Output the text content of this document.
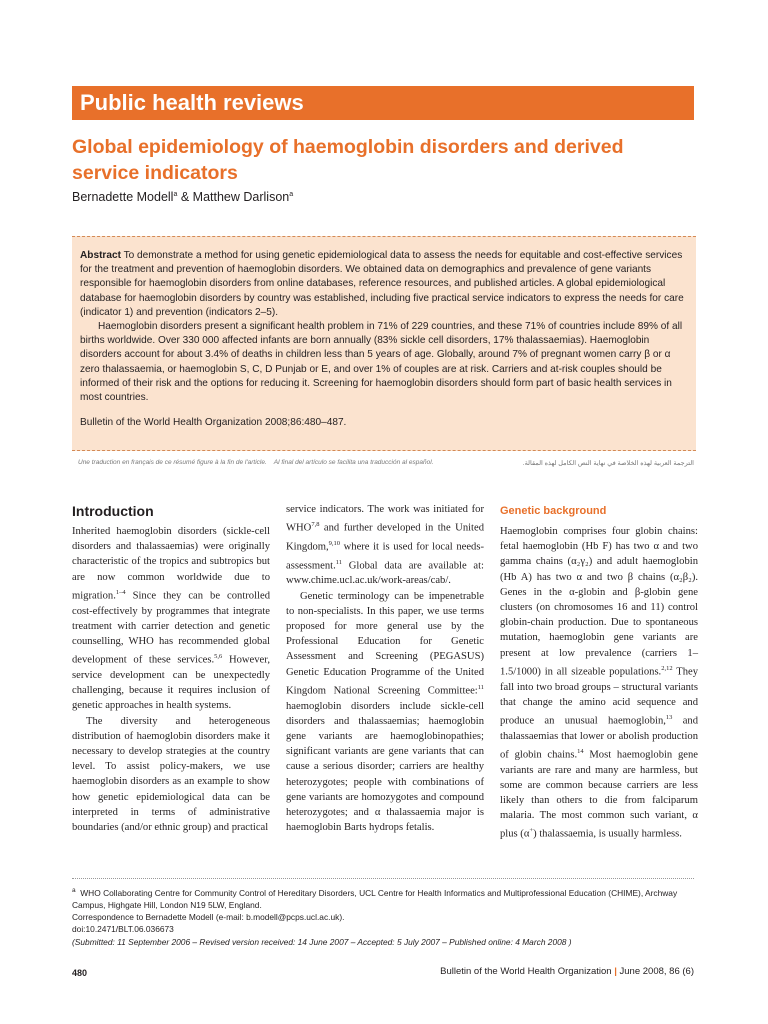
Public health reviews
Global epidemiology of haemoglobin disorders and derived service indicators
Bernadette Modell$^a$ & Matthew Darlison$^a$

Abstract To demonstrate a method for using genetic epidemiological data to assess the needs for equitable and cost-effective services for the treatment and prevention of haemoglobin disorders. We obtained data on demographics and prevalence of gene variants responsible for haemoglobin disorders from online databases, reference resources, and published articles. A global epidemiological database for haemoglobin disorders by country was established, including five practical service indicators to express the needs for care (indicator 1) and prevention (indicators 2–5).

Haemoglobin disorders present a significant health problem in 71% of 229 countries, and these 71% of countries include 89% of all births worldwide. Over 330 000 affected infants are born annually (83% sickle cell disorders, 17% thalassaemias). Haemoglobin disorders account for about 3.4% of deaths in children less than 5 years of age. Globally, around 7% of pregnant women carry β or α zero thalassaemia, or haemoglobin S, C, D Punjab or E, and over 1% of couples are at risk. Carriers and at-risk couples should be informed of their risk and the options for reducing it. Screening for haemoglobin disorders should form part of basic health services in most countries.

Bulletin of the World Health Organization 2008;86:480–487.

Une traduction en français de ce résumé figure à la fin de l'article. Al final del artículo se facilita una traducción al español.	الترجمة العربية لهذه الخلاصة في نهاية النص الكامل لهذه المقالة.
Introduction

Inherited haemoglobin disorders (sickle-cell disorders and thalassaemias) were originally characteristic of the tropics and subtropics but are now common worldwide due to migration.$^{1-4}$ Since they can be controlled cost-effectively by programmes that integrate treatment with carrier detection and genetic counselling, WHO has recommended global development of these services.$^{5,6}$ However, service development can be unexpectedly challenging, because it requires inclusion of genetic approaches in health systems.

The diversity and heterogeneous distribution of haemoglobin disorders make it necessary to develop strategies at the country level. To assist policy-makers, we use haemoglobin disorders as an example to show how genetic epidemiological data can be interpreted in terms of administrative boundaries (and/or ethnic group) and practical

service indicators. The work was initiated for WHO$^{7,8}$ and further developed in the United Kingdom,$^{9,10}$ where it is used for local needs-assessment.$^{11}$ Global data are available at: www.chime.ucl.ac.uk/work-areas/cab/.

Genetic terminology can be impenetrable to non-specialists. In this paper, we use terms proposed for more general use by the Professional Education for Genetic Assessment and Screening (PEGASUS) Genetic Education Programme of the United Kingdom National Screening Committee:$^{11}$ haemoglobin disorders include sickle-cell disorders and thalassaemias; haemoglobin gene variants are haemoglobinopathies; significant variants are gene variants that can cause a serious disorder; carriers are healthy heterozygotes; people with combinations of gene variants are homozygotes and compound heterozygotes; and α thalassaemia major is haemoglobin Barts hydrops fetalis.

Genetic background

Haemoglobin comprises four globin chains: fetal haemoglobin (Hb F) has two α and two gamma chains (α₂γ₂) and adult haemoglobin (Hb A) has two α and two β chains (α₂β₂). Genes in the α-globin and β-globin gene clusters (on chromosomes 16 and 11) control globin-chain production. Due to spontaneous mutation, haemoglobin gene variants are present at low prevalence (carriers 1–1.5/1000) in all sizeable populations.$^{2,12}$ They fall into two broad groups – structural variants that change the amino acid sequence and produce an unusual haemoglobin,$^{13}$ and thalassaemias that lower or abolish production of globin chains.$^{14}$ Most haemoglobin gene variants are rare and many are harmless, but some are common because carriers are less likely than others to die from falciparum malaria. The most common such variant, α plus (α+) thalassaemia, is usually harmless.

$^a$ WHO Collaborating Centre for Community Control of Hereditary Disorders, UCL Centre for Health Informatics and Multiprofessional Education (CHIME), Archway Campus, Highgate Hill, London N19 5LW, England.

Correspondence to Bernadette Modell (e-mail: b.modell@pcps.ucl.ac.uk).

doi:10.2471/BLT.06.036673

(Submitted: 11 September 2006 – Revised version received: 14 June 2007 – Accepted: 5 July 2007 – Published online: 4 March 2008 )

480	Bulletin of the World Health Organization | June 2008, 86 (6)
